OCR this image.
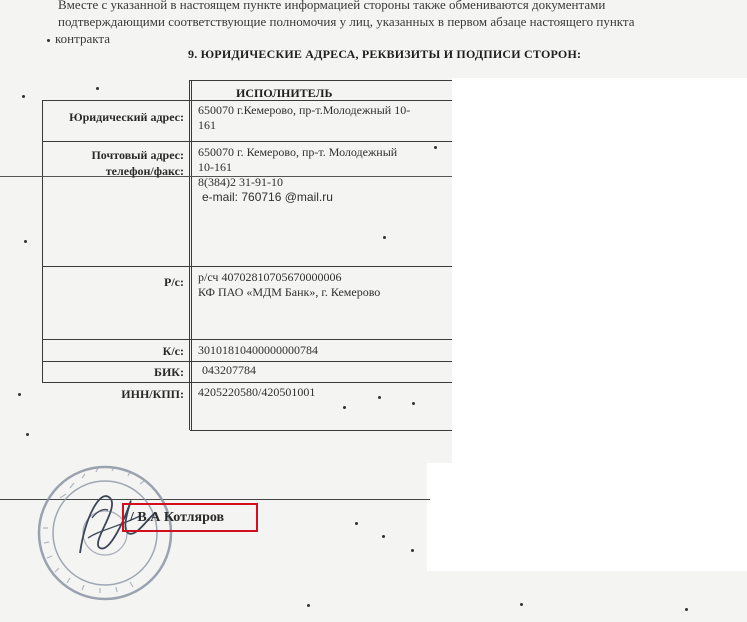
Вместе с указанной в настоящем пункте информацией стороны также обмениваются документами
подтверждающими соответствующие полномочия у лиц, указанных в первом абзаце настоящего пункта
контракта
9. ЮРИДИЧЕСКИЕ АДРЕСА, РЕКВИЗИТЫ И ПОДПИСИ СТОРОН:
ИСПОЛНИТЕЛЬ
Юридический адрес: 650070 г.Кемерово, пр-т.Молодежный 10-
161
Почтовый адрес:
телефон/факс:
650070 г. Кемерово, пр-т. Молодежный
10-161
8(384)2 31-91-10
e-mail: 760716 @mail.ru
Р/с: р/сч 40702810705670000006
КФ ПАО «МДМ Банк», г. Кемерово
К/с: 30101810400000000784
БИК: 043207784
ИНН/КПП: 4205220580/420501001
/ В.А Котляров
